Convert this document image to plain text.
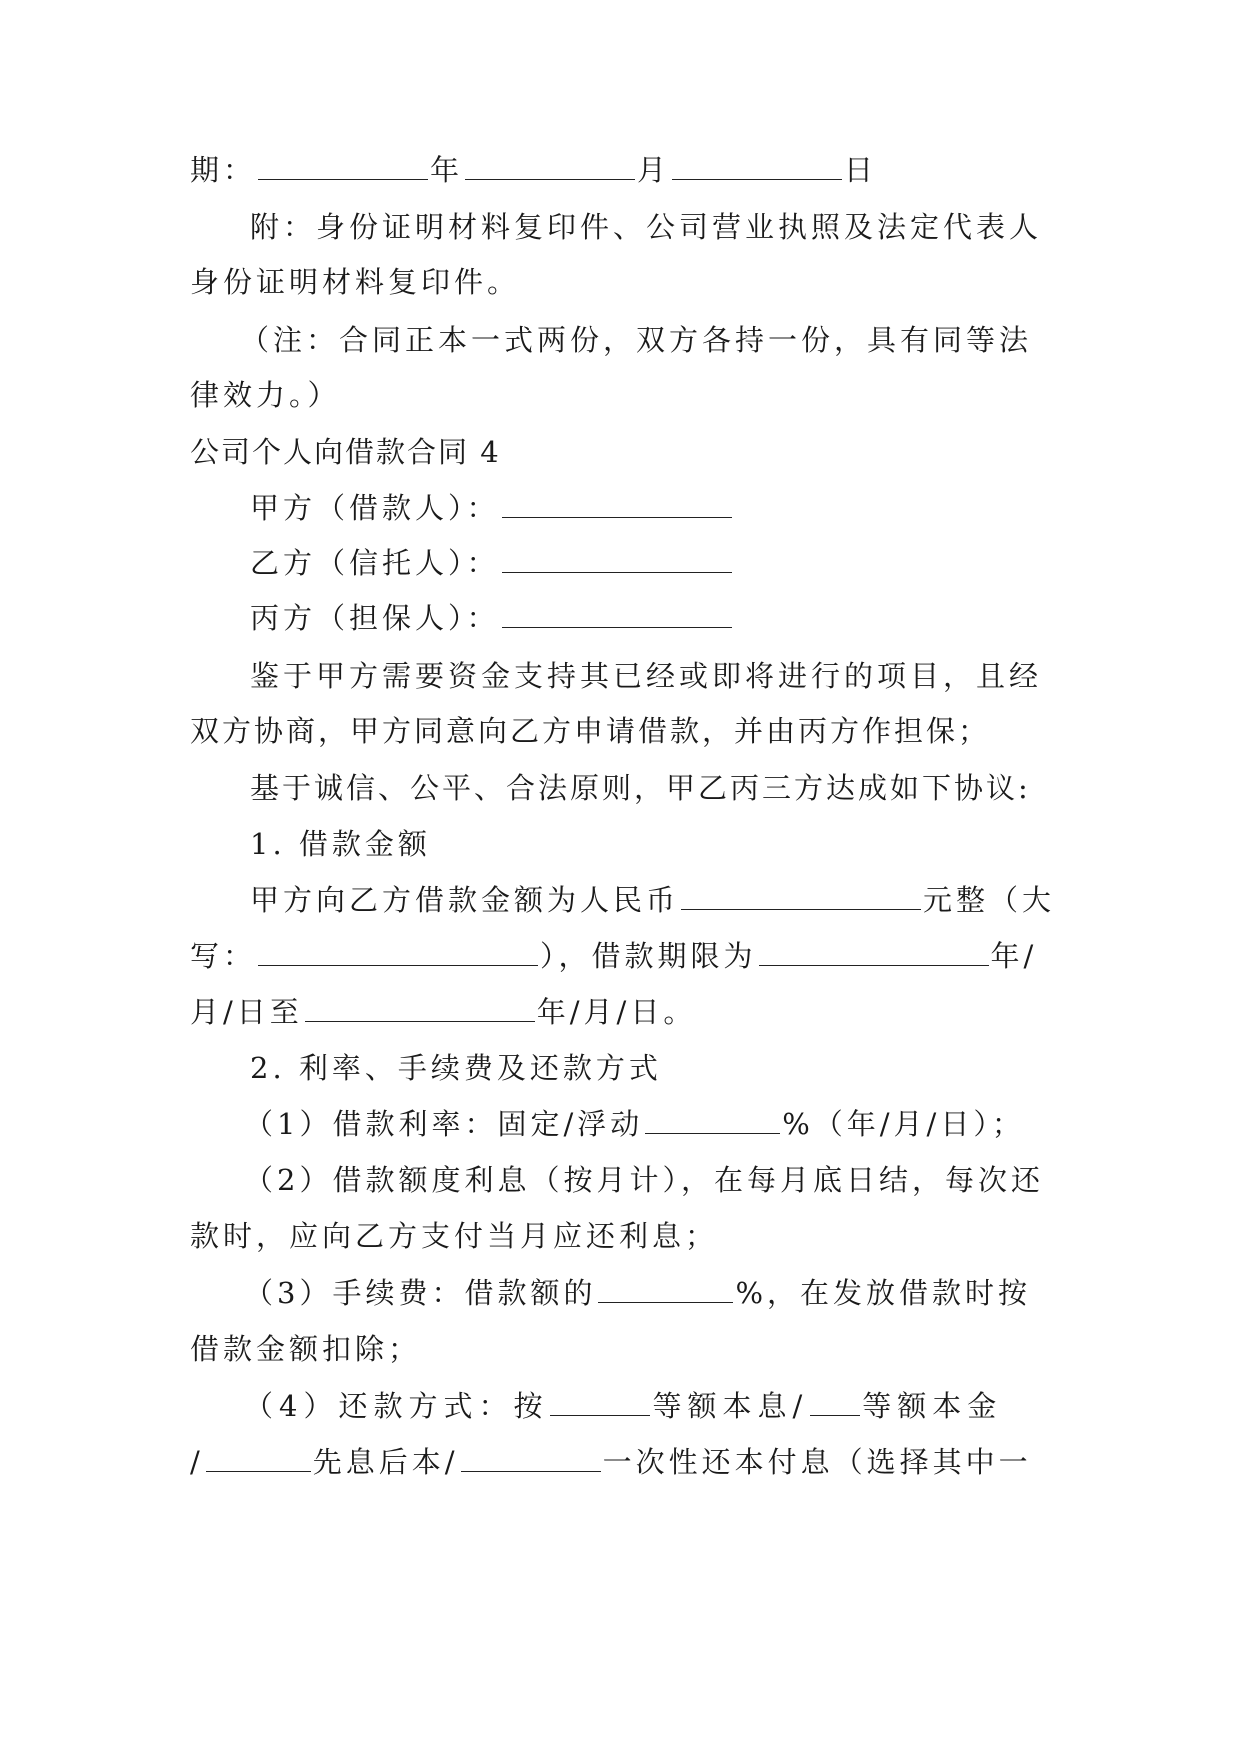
期：	年	月	日
附：身份证明材料复印件、公司营业执照及法定代表人
身份证明材料复印件。
（注：合同正本一式两份，双方各持一份，具有同等法
律效力。）
公司个人向借款合同 4
甲方（借款人）：
乙方（信托人）：
丙方（担保人）：
鉴于甲方需要资金支持其已经或即将进行的项目，且经
双方协商，甲方同意向乙方申请借款，并由丙方作担保；
基于诚信、公平、合法原则，甲乙丙三方达成如下协议:
1. 借款金额
甲方向乙方借款金额为人民币	元整（大
写：	），借款期限为	年/
月/日至	年/月/日。
2. 利率、手续费及还款方式
（1）借款利率：固定/浮动	%（年/月/日）；
（2）借款额度利息（按月计），在每月底日结，每次还
款时，应向乙方支付当月应还利息；
（3）手续费：借款额的	%，在发放借款时按
借款金额扣除；
（4）还款方式：按	等额本息/ 等额本金
/	先息后本/	一次性还本付息（选择其中一
